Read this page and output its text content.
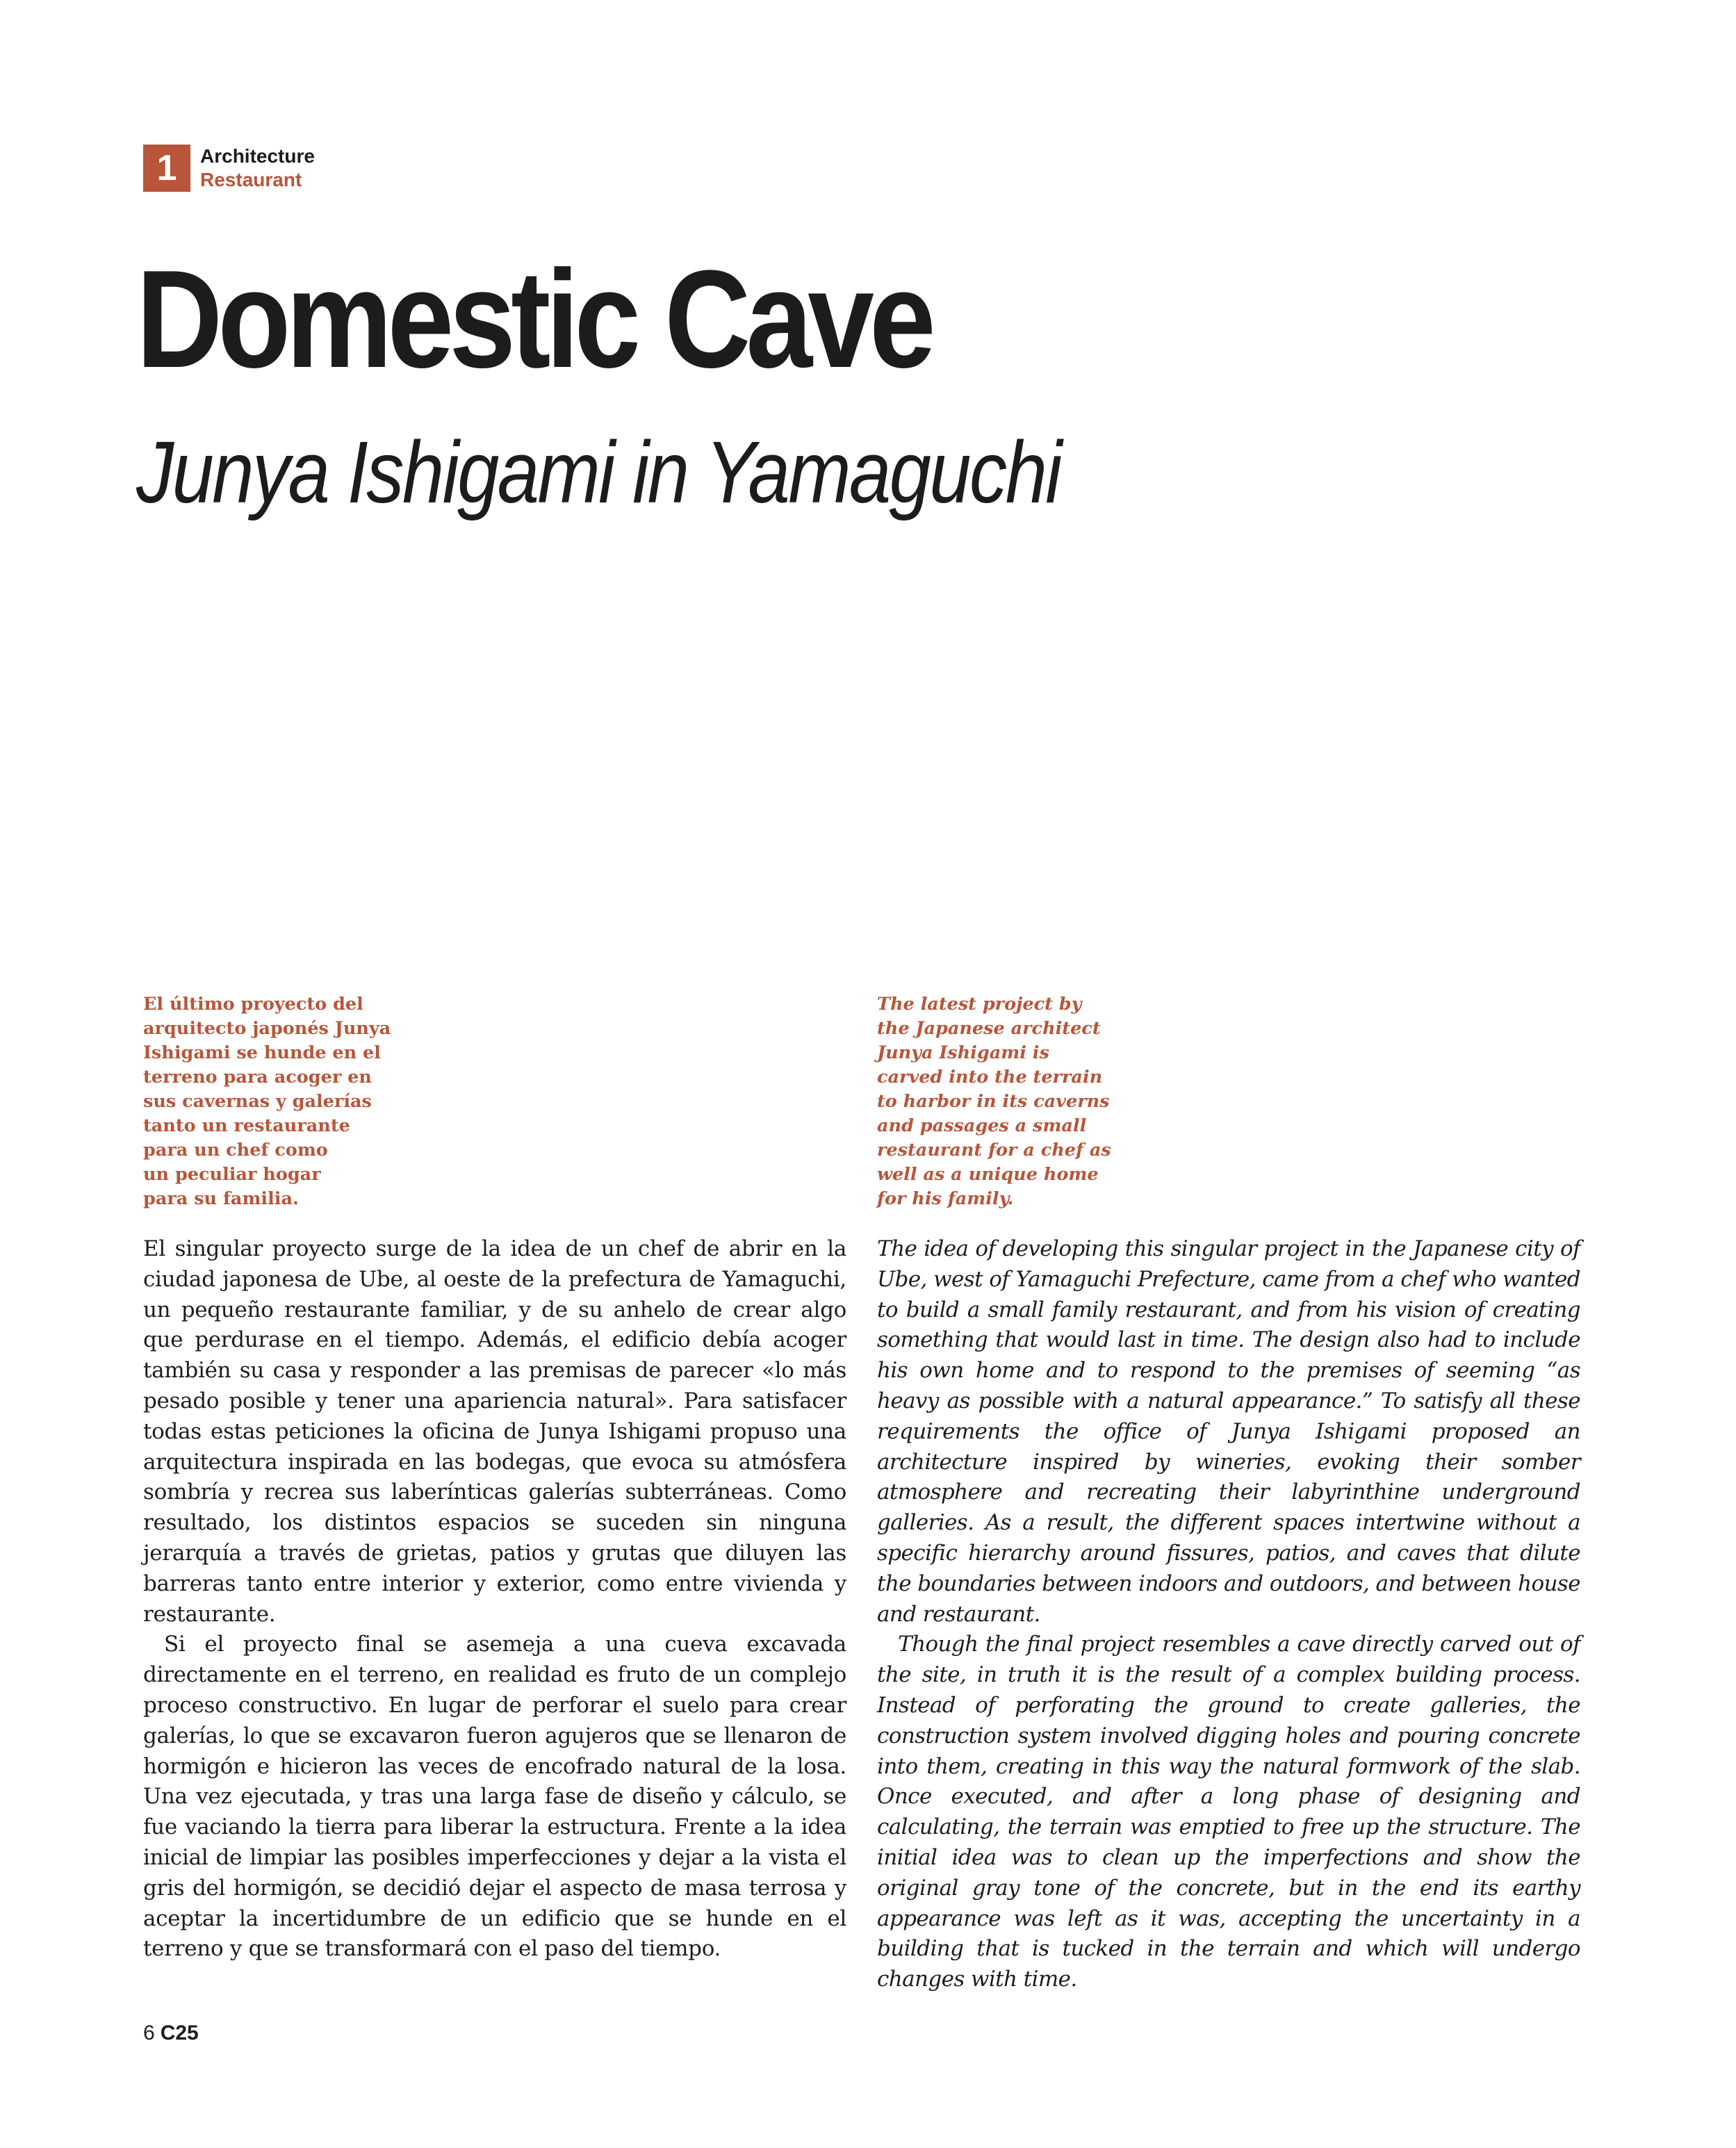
1	Architecture
Restaurant
Domestic Cave
Junya Ishigami in Yamaguchi

El último proyecto del
arquitecto japonés Junya
Ishigami se hunde en el
terreno para acoger en
sus cavernas y galerías
tanto un restaurante
para un chef como
un peculiar hogar
para su familia.

The latest project by
the Japanese architect
Junya Ishigami is
carved into the terrain
to harbor in its caverns
and passages a small
restaurant for a chef as
well as a unique home
for his family.

El singular proyecto surge de la idea de un chef de abrir en la ciudad japonesa de Ube, al oeste de la prefectura de Yamaguchi, un pequeño restaurante familiar, y de su anhelo de crear algo que perdurase en el tiempo. Además, el edificio debía acoger también su casa y responder a las premisas de parecer «lo más pesado posible y tener una apariencia natural». Para satisfacer todas estas peticiones la oficina de Junya Ishigami propuso una arquitectura inspirada en las bodegas, que evoca su atmósfera sombría y recrea sus laberínticas galerías subterráneas. Como resultado, los distintos espacios se suceden sin ninguna jerarquía a través de grietas, patios y grutas que diluyen las barreras tanto entre interior y exterior, como entre vivienda y restaurante.

Si el proyecto final se asemeja a una cueva excavada directamente en el terreno, en realidad es fruto de un complejo proceso constructivo. En lugar de perforar el suelo para crear galerías, lo que se excavaron fueron agujeros que se llenaron de hormigón e hicieron las veces de encofrado natural de la losa. Una vez ejecutada, y tras una larga fase de diseño y cálculo, se fue vaciando la tierra para liberar la estructura. Frente a la idea inicial de limpiar las posibles imperfecciones y dejar a la vista el gris del hormigón, se decidió dejar el aspecto de masa terrosa y aceptar la incertidumbre de un edificio que se hunde en el terreno y que se transformará con el paso del tiempo.

The idea of developing this singular project in the Japanese city of Ube, west of Yamaguchi Prefecture, came from a chef who wanted to build a small family restaurant, and from his vision of creating something that would last in time. The design also had to include his own home and to respond to the premises of seeming “as heavy as possible with a natural appearance.” To satisfy all these requirements the office of Junya Ishigami proposed an architecture inspired by wineries, evoking their somber atmosphere and recreating their labyrinthine underground galleries. As a result, the different spaces intertwine without a specific hierarchy around fissures, patios, and caves that dilute the boundaries between indoors and outdoors, and between house and restaurant.

Though the final project resembles a cave directly carved out of the site, in truth it is the result of a complex building process. Instead of perforating the ground to create galleries, the construction system involved digging holes and pouring concrete into them, creating in this way the natural formwork of the slab. Once executed, and after a long phase of designing and calculating, the terrain was emptied to free up the structure. The initial idea was to clean up the imperfections and show the original gray tone of the concrete, but in the end its earthy appearance was left as it was, accepting the uncertainty in a building that is tucked in the terrain and which will undergo changes with time.

6 C25
